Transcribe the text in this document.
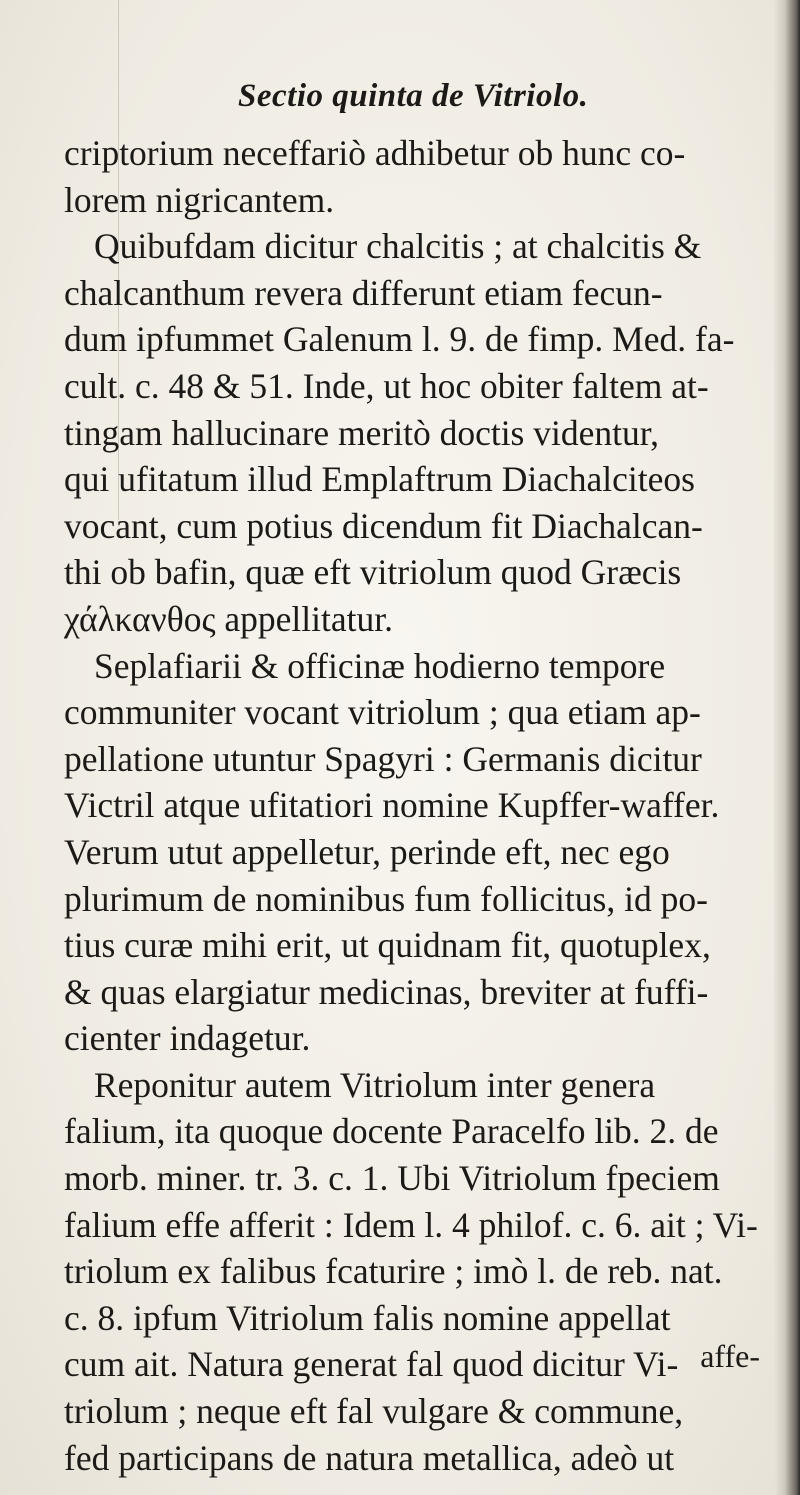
Sectio quinta de Vitriolo.
criptorium neceffariò adhibetur ob hunc co-
lorem nigricantem.
Quibufdam dicitur chalcitis ; at chalcitis &
chalcanthum revera differunt etiam fecun-
dum ipfummet Galenum l. 9. de fimp. Med. fa-
cult. c. 48 & 51. Inde, ut hoc obiter faltem at-
tingam hallucinare meritò doctis videntur,
qui ufitatum illud Emplaftrum Diachalciteos
vocant, cum potius dicendum fit Diachalcan-
thi ob bafin, quæ eft vitriolum quod Græcis
χάλκανθος appellitatur.
Seplafiarii & officinæ hodierno tempore
communiter vocant vitriolum ; qua etiam ap-
pellatione utuntur Spagyri : Germanis dicitur
Victril atque ufitatiori nomine Kupffer-waffer.
Verum utut appelletur, perinde eft, nec ego
plurimum de nominibus fum follicitus, id po-
tius curæ mihi erit, ut quidnam fit, quotuplex,
& quas elargiatur medicinas, breviter at fuffi-
cienter indagetur.
Reponitur autem Vitriolum inter genera
falium, ita quoque docente Paracelfo lib. 2. de
morb. miner. tr. 3. c. 1. Ubi Vitriolum fpeciem
falium effe afferit : Idem l. 4 philof. c. 6. ait ; Vi-
triolum ex falibus fcaturire ; imò l. de reb. nat.
c. 8. ipfum Vitriolum falis nomine appellat
cum ait. Natura generat fal quod dicitur Vi-
triolum ; neque eft fal vulgare & commune,
fed participans de natura metallica, adeò ut
affe-
